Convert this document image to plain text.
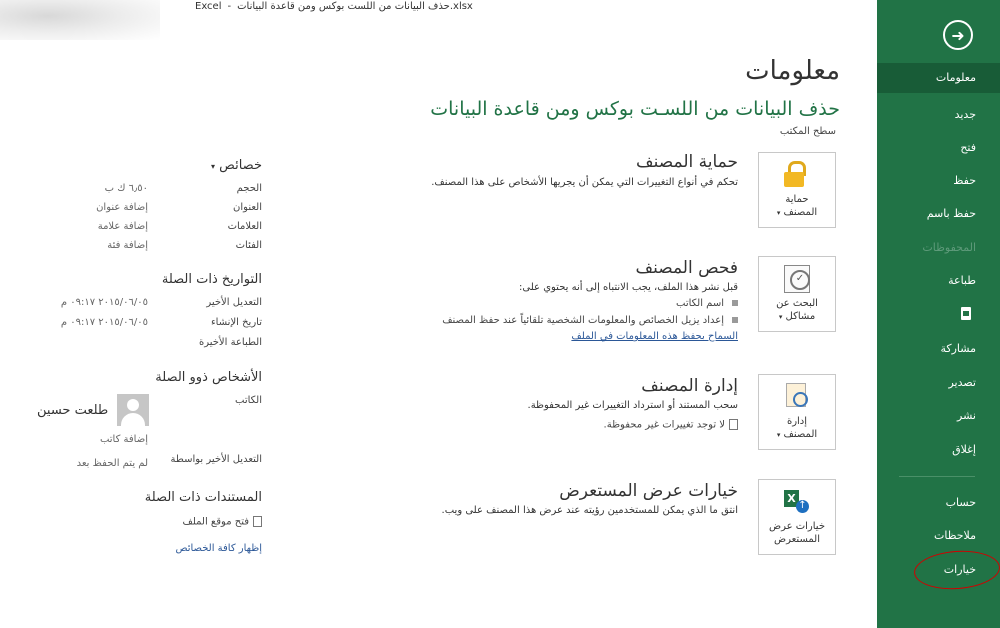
Excel - حذف البيانات من اللست بوكس ومن قاعدة البيانات.xlsx
➜
معلومات
جديد
فتح
حفظ
حفظ باسم
المحفوظات
طباعة
مشاركة
تصدير
نشر
إغلاق
حساب
ملاحظات
خيارات
معلومات
حذف البيانات من اللسـت بوكس ومن قاعدة البيانات
سطح المكتب
حماية
المصنف ▾
حماية المصنف
تحكم في أنواع التغييرات التي يمكن أن يجريها الأشخاص على هذا المصنف.
✓
البحث عن
مشاكل ▾
فحص المصنف
قبل نشر هذا الملف، يجب الانتباه إلى أنه يحتوي على:
اسم الكاتب
إعداد يزيل الخصائص والمعلومات الشخصية تلقائياً عند حفظ المصنف
السماح بحفظ هذه المعلومات في الملف
إدارة
المصنف ▾
إدارة المصنف
سحب المستند أو استرداد التغييرات غير المحفوظة.
لا توجد تغييرات غير محفوظة.
X ↑
خيارات عرض
المستعرض
خيارات عرض المستعرض
انتق ما الذي يمكن للمستخدمين رؤيته عند عرض هذا المصنف على ويب.
خصائص ▾
الحجم
٦٫٥٠ ك ب
العنوان
إضافة عنوان
العلامات
إضافة علامة
الفئات
إضافة فئة
التواريخ ذات الصلة
التعديل الأخير
٢٠١٥/٠٦/٠٥ ٠٩:١٧ م
تاريخ الإنشاء
٢٠١٥/٠٦/٠٥ ٠٩:١٧ م
الطباعة الأخيرة
الأشخاص ذوو الصلة
الكاتب
طلعت حسين
إضافة كاتب
التعديل الأخير بواسطة
لم يتم الحفظ بعد
المستندات ذات الصلة
فتح موقع الملف
إظهار كافة الخصائص
